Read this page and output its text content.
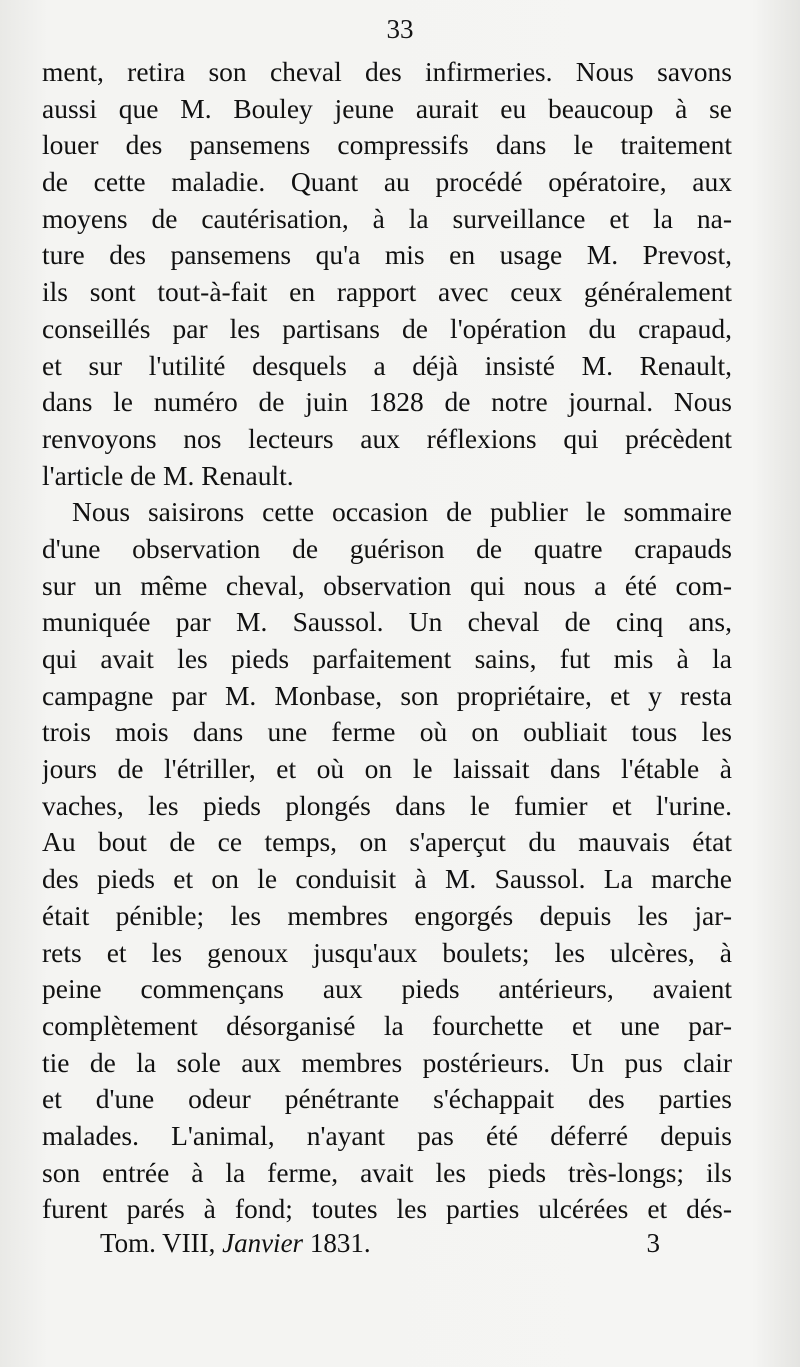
33
ment, retira son cheval des infirmeries. Nous savons
aussi que M. Bouley jeune aurait eu beaucoup à se
louer des pansemens compressifs dans le traitement
de cette maladie. Quant au procédé opératoire, aux
moyens de cautérisation, à la surveillance et la na-
ture des pansemens qu'a mis en usage M. Prevost,
ils sont tout-à-fait en rapport avec ceux généralement
conseillés par les partisans de l'opération du crapaud,
et sur l'utilité desquels a déjà insisté M. Renault,
dans le numéro de juin 1828 de notre journal. Nous
renvoyons nos lecteurs aux réflexions qui précèdent
l'article de M. Renault.
Nous saisirons cette occasion de publier le sommaire
d'une observation de guérison de quatre crapauds
sur un même cheval, observation qui nous a été com-
muniquée par M. Saussol. Un cheval de cinq ans,
qui avait les pieds parfaitement sains, fut mis à la
campagne par M. Monbase, son propriétaire, et y resta
trois mois dans une ferme où on oubliait tous les
jours de l'étriller, et où on le laissait dans l'étable à
vaches, les pieds plongés dans le fumier et l'urine.
Au bout de ce temps, on s'aperçut du mauvais état
des pieds et on le conduisit à M. Saussol. La marche
était pénible; les membres engorgés depuis les jar-
rets et les genoux jusqu'aux boulets; les ulcères, à
peine commençans aux pieds antérieurs, avaient
complètement désorganisé la fourchette et une par-
tie de la sole aux membres postérieurs. Un pus clair
et d'une odeur pénétrante s'échappait des parties
malades. L'animal, n'ayant pas été déferré depuis
son entrée à la ferme, avait les pieds très-longs; ils
furent parés à fond; toutes les parties ulcérées et dés-
Tom. VIII, Janvier 1831.	3
